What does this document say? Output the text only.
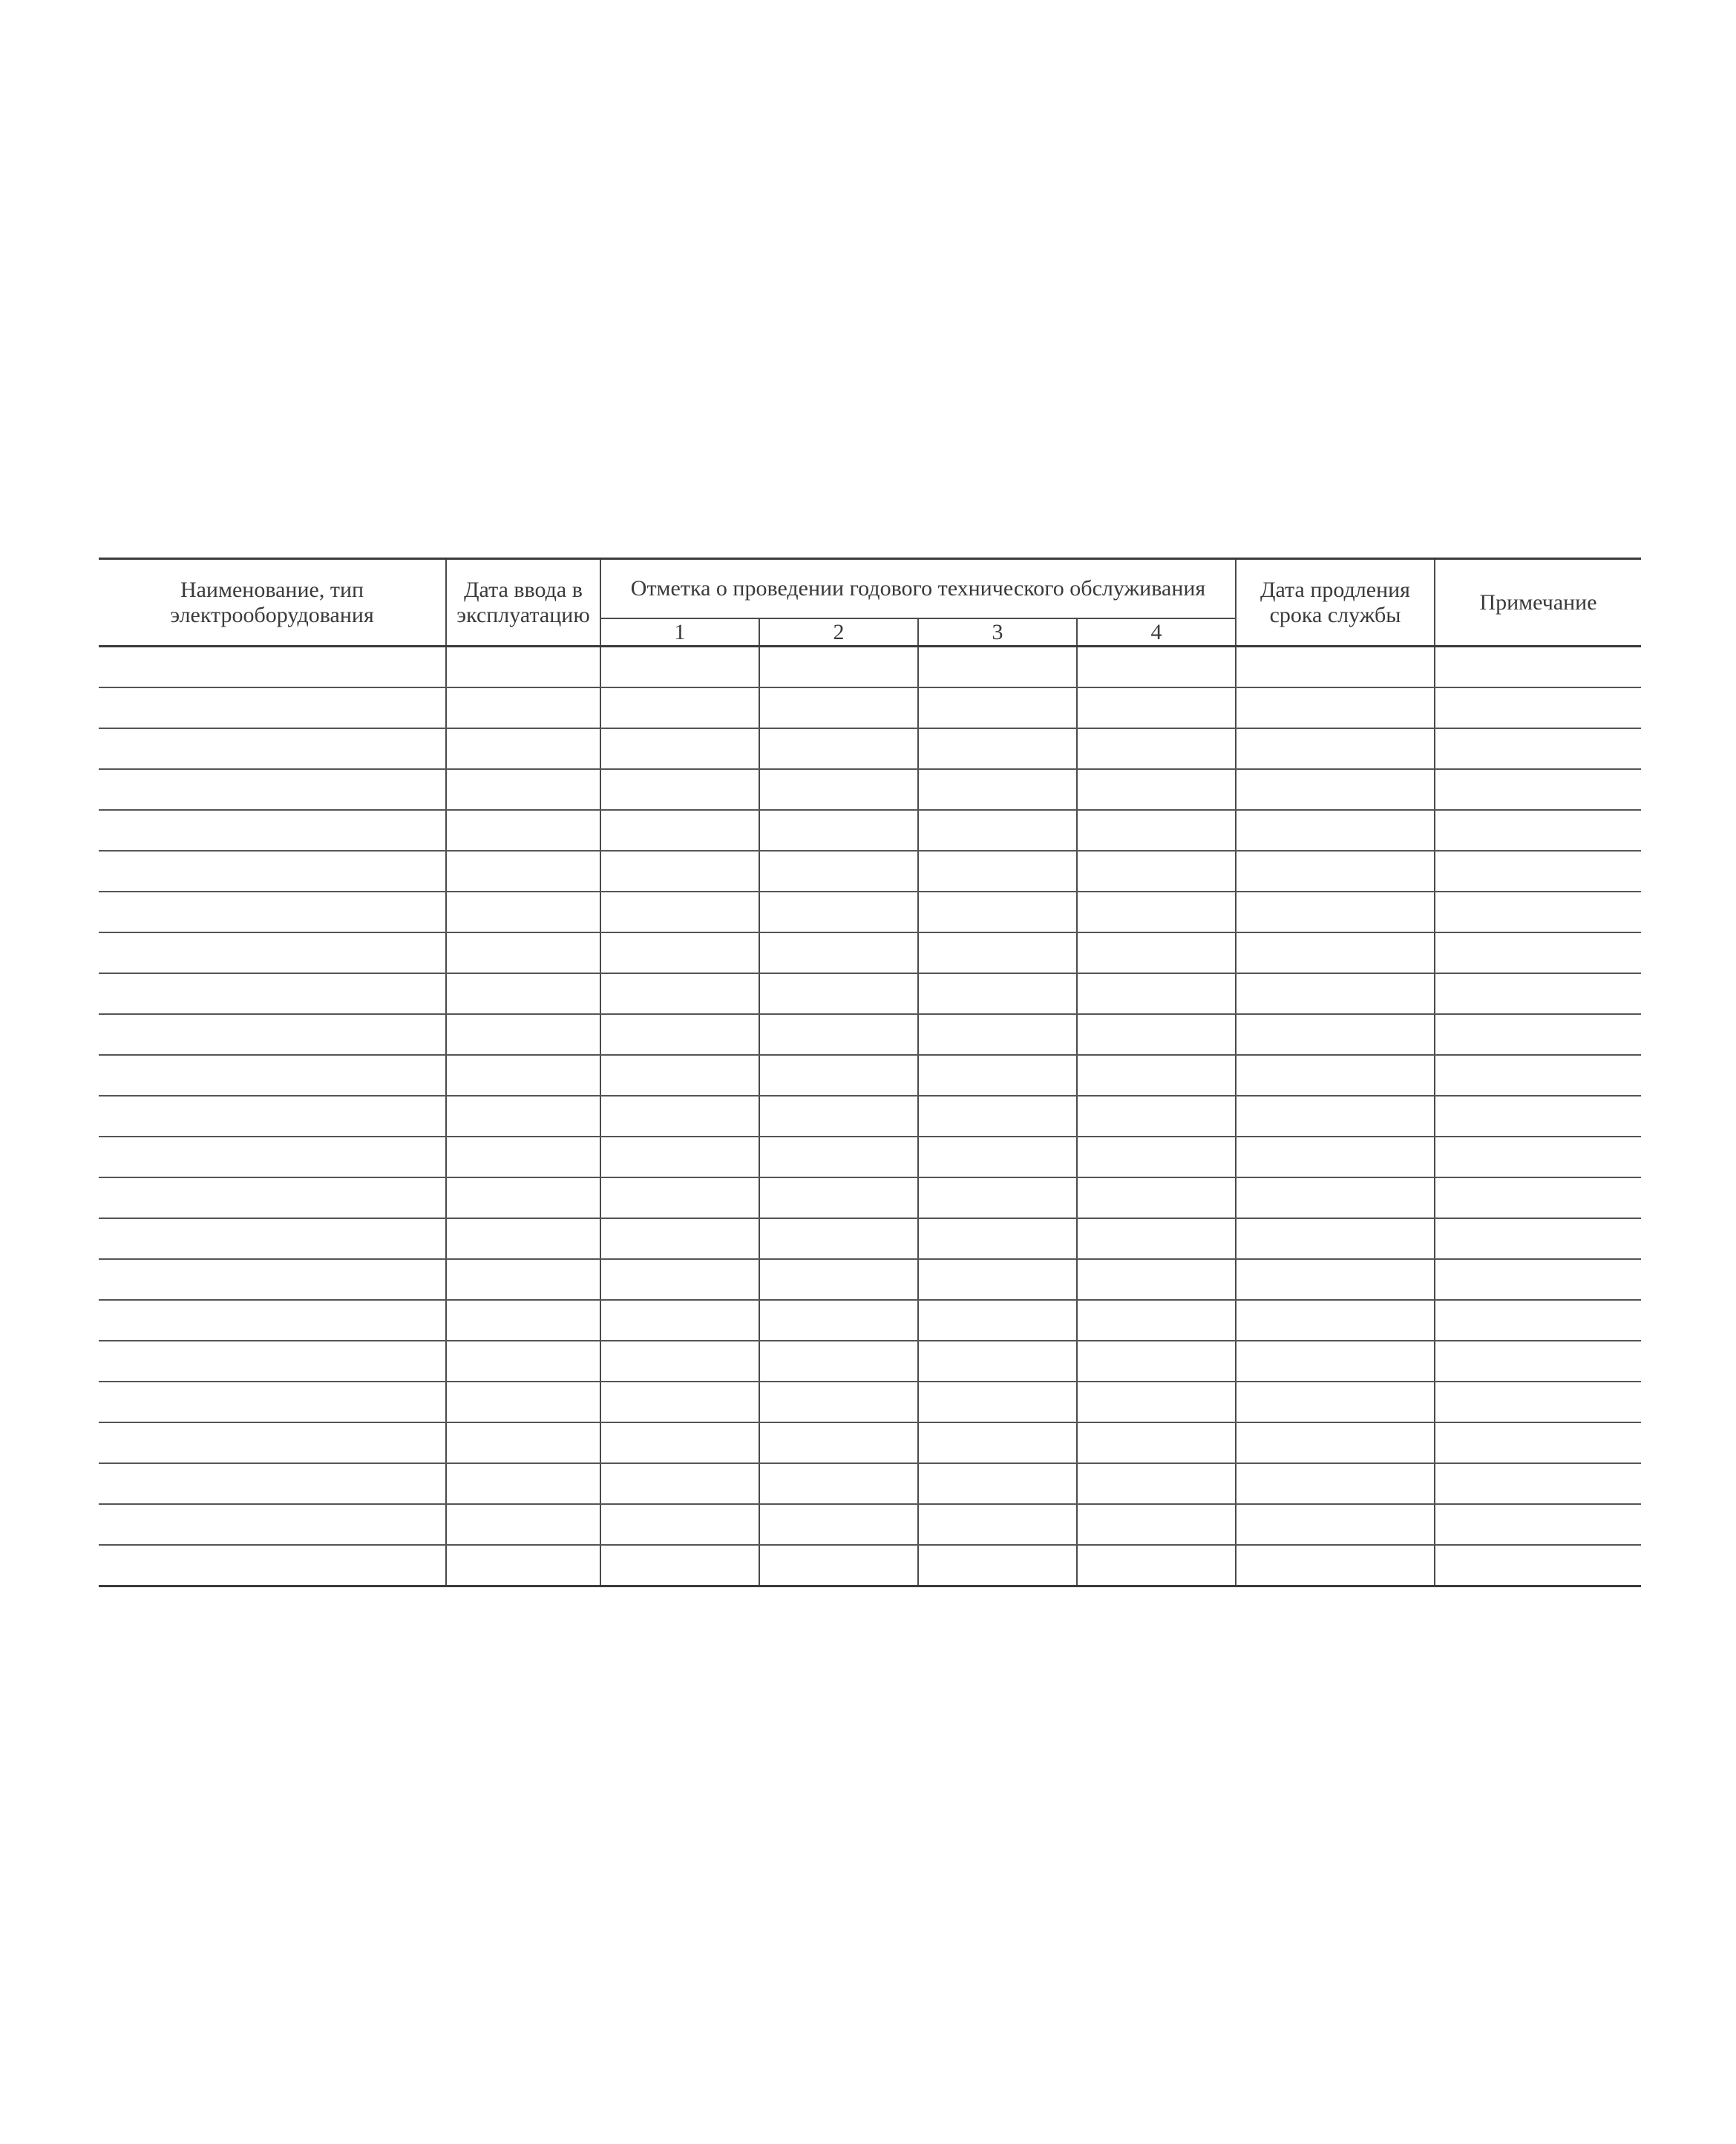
Наименование, тип электрооборудования	Дата ввода в эксплуатацию	Отметка о проведении годового технического обслуживания				Дата продления срока службы	Примечание
		1	2	3	4		
